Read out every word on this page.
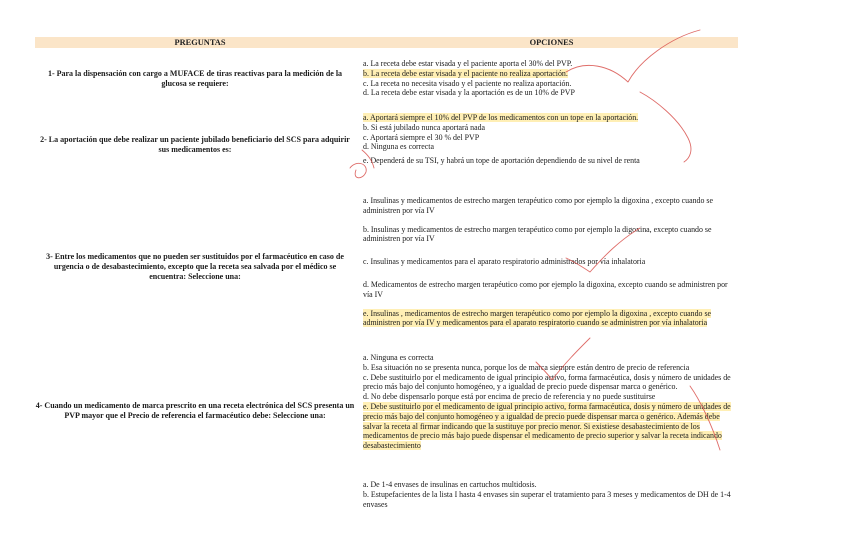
PREGUNTAS	OPCIONES
1- Para la dispensación con cargo a MUFACE de tiras reactivas para la medición de la glucosa se requiere:
a. La receta debe estar visada y el paciente aporta el 30% del PVP.
b. La receta debe estar visada y el paciente no realiza aportación.
c. La receta no necesita visado y el paciente no realiza aportación.
d. La receta debe estar visada y la aportación es de un 10% de PVP
2- La aportación que debe realizar un paciente jubilado beneficiario del SCS para adquirir sus medicamentos es:
a. Aportará siempre el 10% del PVP de los medicamentos con un tope en la aportación.
b. Si está jubilado nunca aportará nada
c. Aportará siempre el 30 % del PVP
d. Ninguna es correcta
e. Dependerá de su TSI, y habrá un tope de aportación dependiendo de su nivel de renta
3- Entre los medicamentos que no pueden ser sustituidos por el farmacéutico en caso de urgencia o de desabastecimiento, excepto que la receta sea salvada por el médico se encuentra: Seleccione una:
a. Insulinas y medicamentos de estrecho margen terapéutico como por ejemplo la digoxina , excepto cuando se administren por vía IV
b. Insulinas y medicamentos de estrecho margen terapéutico como por ejemplo la digoxina, excepto cuando se administren por vía IV
c. Insulinas y medicamentos para el aparato respiratorio administrados por vía inhalatoria
d. Medicamentos de estrecho margen terapéutico como por ejemplo la digoxina, excepto cuando se administren por vía IV
e. Insulinas , medicamentos de estrecho margen terapéutico como por ejemplo la digoxina , excepto cuando se administren por vía IV y medicamentos para el aparato respiratorio cuando se administren por vía inhalatoria
4- Cuando un medicamento de marca prescrito en una receta electrónica del SCS presenta un PVP mayor que el Precio de referencia el farmacéutico debe: Seleccione una:
a. Ninguna es correcta
b. Esa situación no se presenta nunca, porque los de marca siempre están dentro de precio de referencia
c. Debe sustituirlo por el medicamento de igual principio activo, forma farmacéutica, dosis y número de unidades de precio más bajo del conjunto homogéneo, y a igualdad de precio puede dispensar marca o genérico.
d. No debe dispensarlo porque está por encima de precio de referencia y no puede sustituirse
e. Debe sustituirlo por el medicamento de igual principio activo, forma farmacéutica, dosis y número de unidades de precio más bajo del conjunto homogéneo y a igualdad de precio puede dispensar marca o genérico. Además debe salvar la receta al firmar indicando que la sustituye por precio menor. Si existiese desabastecimiento de los medicamentos de precio más bajo puede dispensar el medicamento de precio superior y salvar la receta indicando desabastecimiento
a. De 1-4 envases de insulinas en cartuchos multidosis.
b. Estupefacientes de la lista I hasta 4 envases sin superar el tratamiento para 3 meses y medicamentos de DH de 1-4 envases
